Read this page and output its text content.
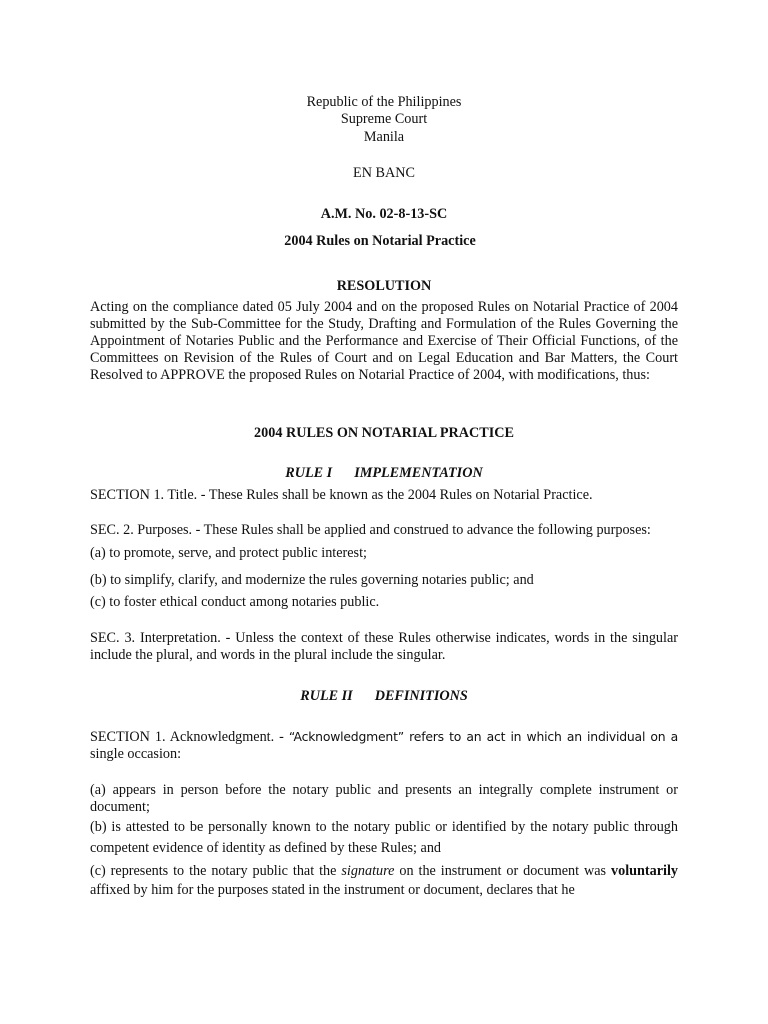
Republic of the Philippines
Supreme Court
Manila
EN BANC
A.M. No. 02-8-13-SC
2004 Rules on Notarial Practice
RESOLUTION

Acting on the compliance dated 05 July 2004 and on the proposed Rules on Notarial Practice of 2004 submitted by the Sub-Committee for the Study, Drafting and Formulation of the Rules Governing the Appointment of Notaries Public and the Performance and Exercise of Their Official Functions, of the Committees on Revision of the Rules of Court and on Legal Education and Bar Matters, the Court Resolved to APPROVE the proposed Rules on Notarial Practice of 2004, with modifications, thus:

2004 RULES ON NOTARIAL PRACTICE
RULE I IMPLEMENTATION

SECTION 1. Title. - These Rules shall be known as the 2004 Rules on Notarial Practice.

SEC. 2. Purposes. - These Rules shall be applied and construed to advance the following purposes:

(a) to promote, serve, and protect public interest;

(b) to simplify, clarify, and modernize the rules governing notaries public; and

(c) to foster ethical conduct among notaries public.

SEC. 3. Interpretation. - Unless the context of these Rules otherwise indicates, words in the singular include the plural, and words in the plural include the singular.

RULE II DEFINITIONS

SECTION 1. Acknowledgment. - “Acknowledgment” refers to an act in which an individual on a single occasion:

(a) appears in person before the notary public and presents an integrally complete instrument or document;

(b) is attested to be personally known to the notary public or identified by the notary public through competent evidence of identity as defined by these Rules; and

(c) represents to the notary public that the signature on the instrument or document was voluntarily affixed by him for the purposes stated in the instrument or document, declares that he
